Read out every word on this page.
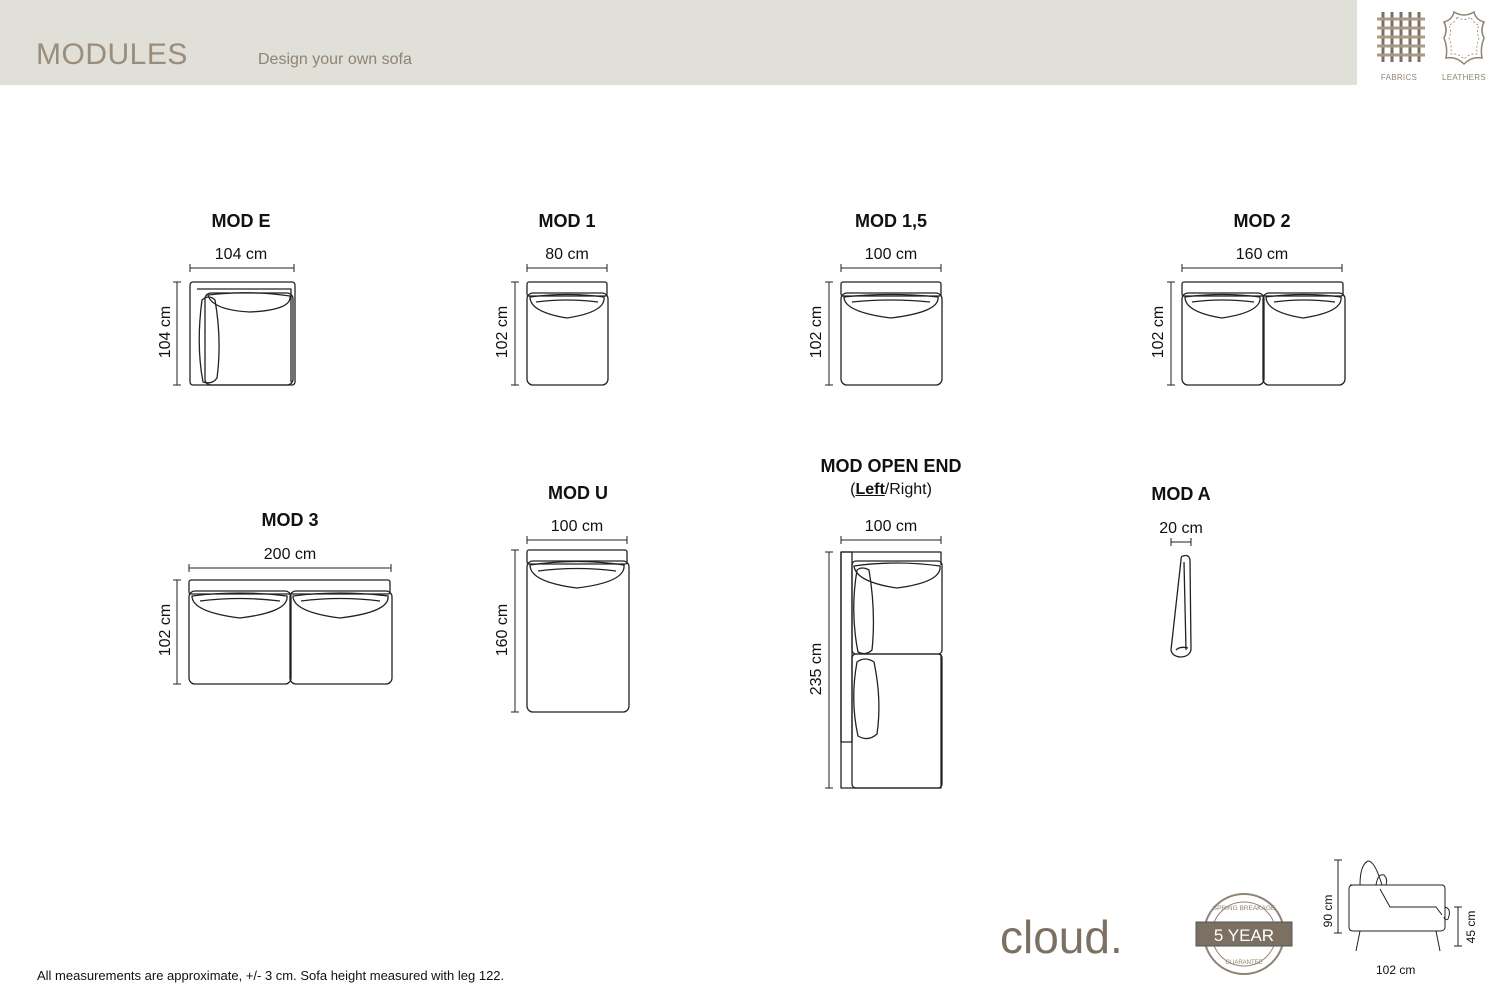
MODULES	Design your own sofa
FABRICS	LEATHERS
MOD E
104 cm
104 cm
MOD 1
80 cm
102 cm
MOD 1,5
100 cm
102 cm
MOD 2
160 cm
102 cm
MOD 3
200 cm
102 cm
MOD U
100 cm
160 cm
MOD OPEN END
(Left/Right)
100 cm
235 cm
MOD A
20 cm
cloud.
SPRING BREAKAGE
5 YEAR
GUARANTEE
90 cm	45 cm
102 cm
All measurements are approximate, +/- 3 cm. Sofa height measured with leg 122.
